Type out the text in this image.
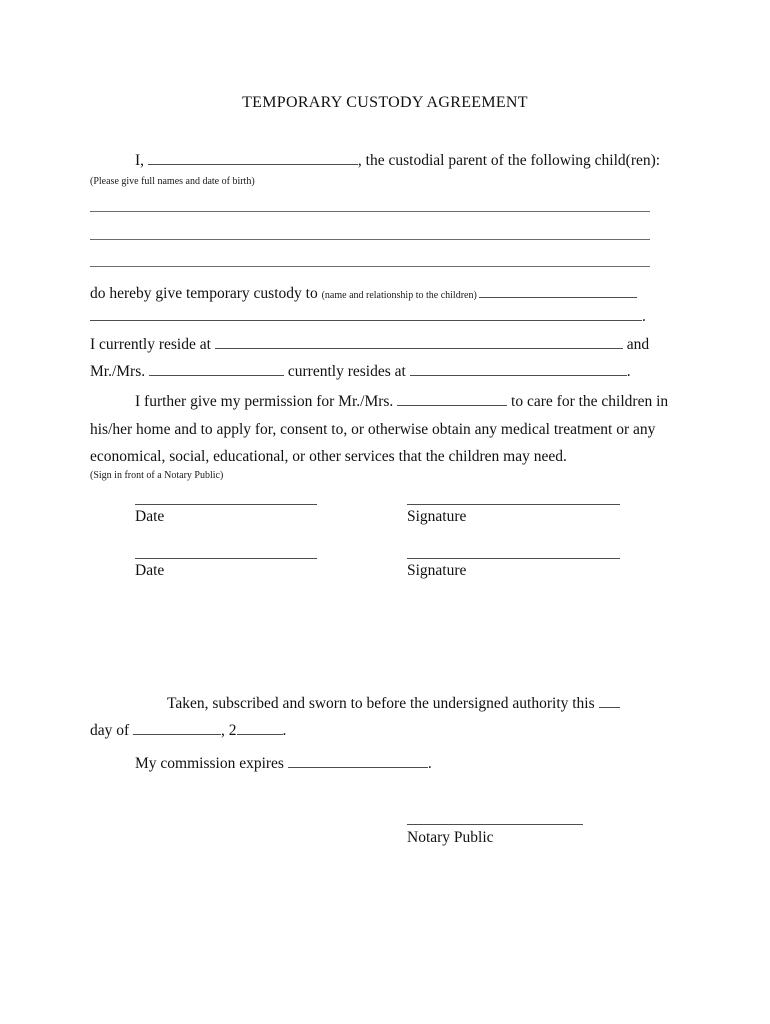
TEMPORARY CUSTODY AGREEMENT

I,	, the custodial parent of the following child(ren):

(Please give full names and date of birth)

do hereby give temporary custody to (name and relationship to the children)

.

I currently reside at	and

Mr./Mrs.	currently resides at	.

I further give my permission for Mr./Mrs.	to care for the children in
his/her home and to apply for, consent to, or otherwise obtain any medical treatment or any
economical, social, educational, or other services that the children may need.
(Sign in front of a Notary Public)
Date	Signature
Date	Signature

Taken, subscribed and sworn to before the undersigned authority this

day of	, 2	.

My commission expires	.

Notary Public
